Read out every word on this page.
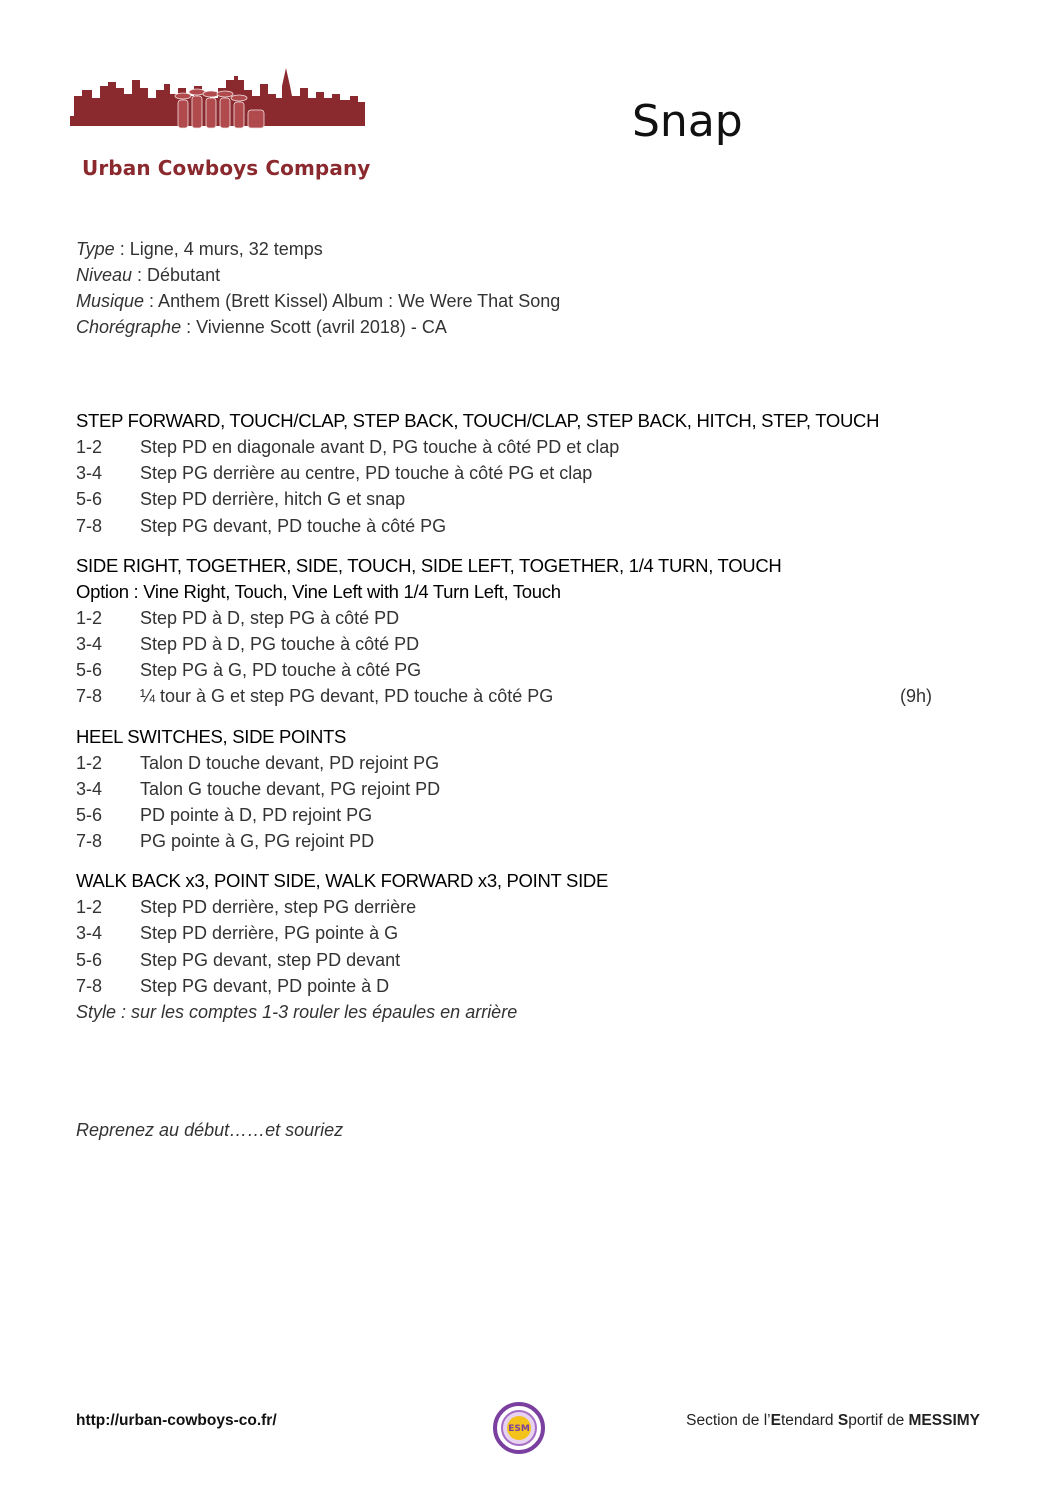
Urban Cowboys Company
Snap
Type : Ligne, 4 murs, 32 temps
Niveau : Débutant
Musique : Anthem (Brett Kissel) Album : We Were That Song
Chorégraphe : Vivienne Scott (avril 2018) - CA
STEP FORWARD, TOUCH/CLAP, STEP BACK, TOUCH/CLAP, STEP BACK, HITCH, STEP, TOUCH
1-2 Step PD en diagonale avant D, PG touche à côté PD et clap
3-4 Step PG derrière au centre, PD touche à côté PG et clap
5-6 Step PD derrière, hitch G et snap
7-8 Step PG devant, PD touche à côté PG
SIDE RIGHT, TOGETHER, SIDE, TOUCH, SIDE LEFT, TOGETHER, 1/4 TURN, TOUCH
Option : Vine Right, Touch, Vine Left with 1/4 Turn Left, Touch
1-2 Step PD à D, step PG à côté PD
3-4 Step PD à D, PG touche à côté PD
5-6 Step PG à G, PD touche à côté PG
7-8 ¼ tour à G et step PG devant, PD touche à côté PG	(9h)
HEEL SWITCHES, SIDE POINTS
1-2 Talon D touche devant, PD rejoint PG
3-4 Talon G touche devant, PG rejoint PD
5-6 PD pointe à D, PD rejoint PG
7-8 PG pointe à G, PG rejoint PD
WALK BACK x3, POINT SIDE, WALK FORWARD x3, POINT SIDE
1-2 Step PD derrière, step PG derrière
3-4 Step PD derrière, PG pointe à G
5-6 Step PG devant, step PD devant
7-8 Step PG devant, PD pointe à D
Style : sur les comptes 1-3 rouler les épaules en arrière
Reprenez au début……et souriez
http://urban-cowboys-co.fr/	ESM	Section de l’Etendard Sportif de MESSIMY
